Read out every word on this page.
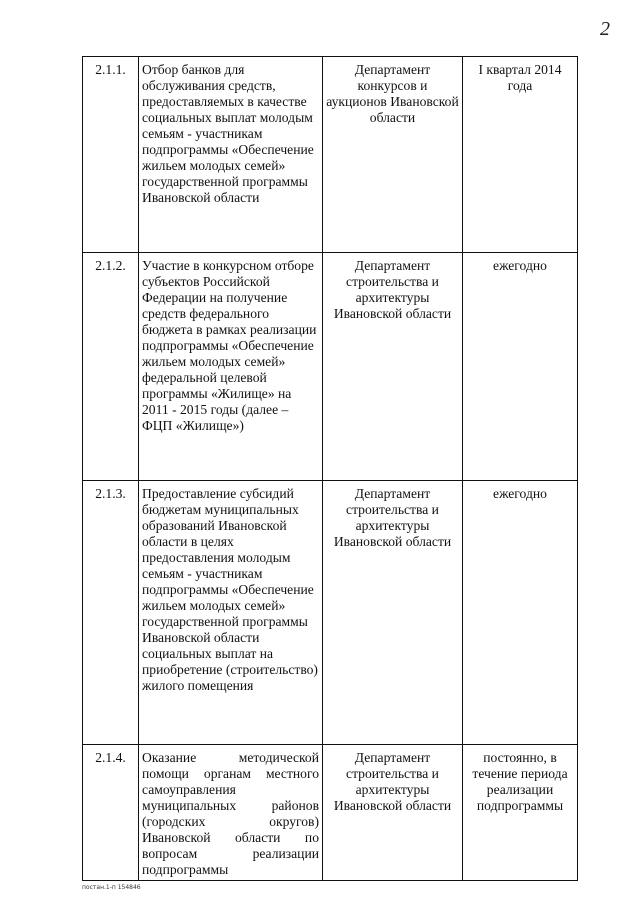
2
2.1.1.	Отбор банков для обслуживания средств, предоставляемых в качестве социальных выплат молодым семьям - участникам подпрограммы «Обеспечение жильем молодых семей» государственной программы Ивановской области	Департамент конкурсов и аукционов Ивановской области	I квартал 2014 года
2.1.2.	Участие в конкурсном отборе субъектов Российской Федерации на получение средств федерального бюджета в рамках реализации подпрограммы «Обеспечение жильем молодых семей» федеральной целевой программы «Жилище» на 2011 - 2015 годы (далее – ФЦП «Жилище»)	Департамент строительства и архитектуры Ивановской области	ежегодно
2.1.3.	Предоставление субсидий бюджетам муниципальных образований Ивановской области в целях предоставления молодым семьям - участникам подпрограммы «Обеспечение жильем молодых семей» государственной программы Ивановской области социальных выплат на приобретение (строительство) жилого помещения	Департамент строительства и архитектуры Ивановской области	ежегодно
2.1.4.	Оказание методической помощи органам местного самоуправления муниципальных районов (городских округов) Ивановской области по вопросам реализации подпрограммы	Департамент строительства и архитектуры Ивановской области	постоянно, в течение периода реализации подпрограммы
постан.1-п 154846
